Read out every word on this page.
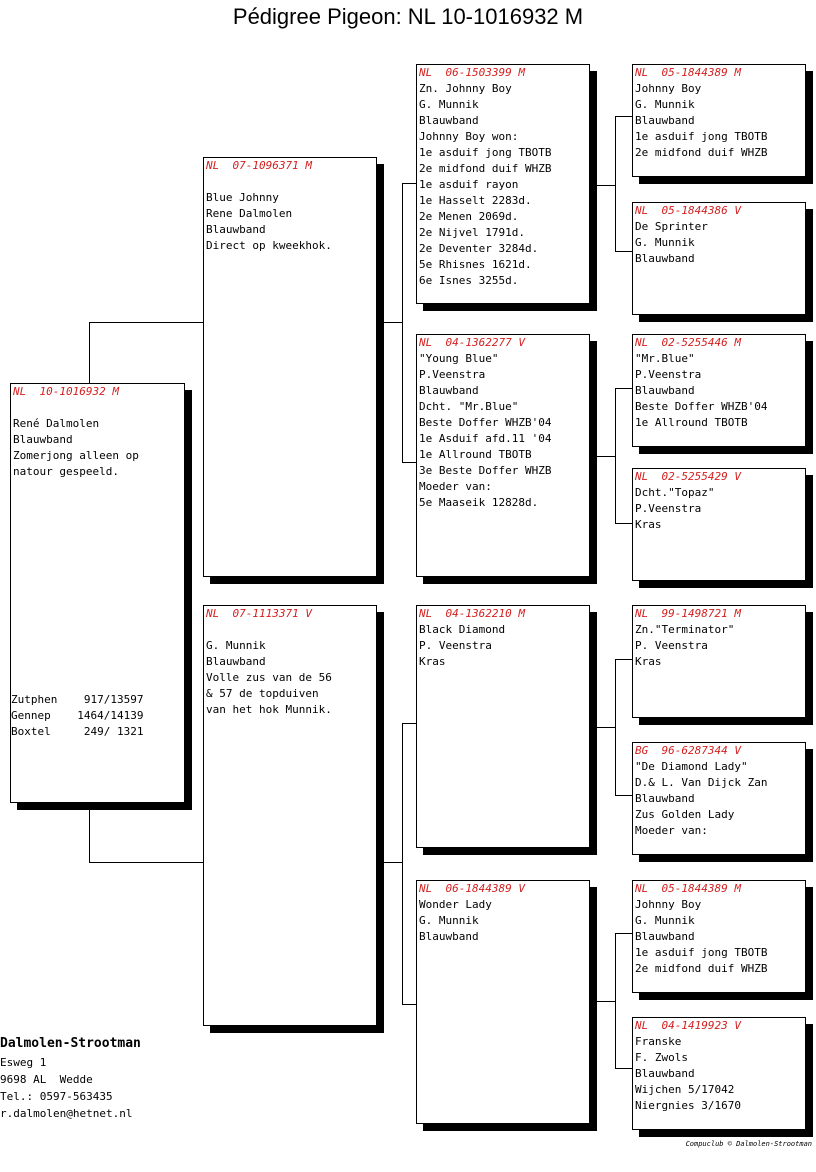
Pédigree Pigeon: NL 10-1016932 M
NL  10-1016932 M
René Dalmolen
Blauwband
Zomerjong alleen op
natour gespeeld.
Zutphen    917/13597
Gennep    1464/14139
Boxtel     249/ 1321
NL  07-1096371 M
Blue Johnny
Rene Dalmolen
Blauwband
Direct op kweekhok.
NL  07-1113371 V
G. Munnik
Blauwband
Volle zus van de 56
& 57 de topduiven
van het hok Munnik.
NL  06-1503399 M
Zn. Johnny Boy
G. Munnik
Blauwband
Johnny Boy won:
1e asduif jong TBOTB
2e midfond duif WHZB
1e asduif rayon
1e Hasselt 2283d.
2e Menen 2069d.
2e Nijvel 1791d.
2e Deventer 3284d.
5e Rhisnes 1621d.
6e Isnes 3255d.
NL  04-1362277 V
"Young Blue"
P.Veenstra
Blauwband
Dcht. "Mr.Blue"
Beste Doffer WHZB'04
1e Asduif afd.11 '04
1e Allround TBOTB
3e Beste Doffer WHZB
Moeder van:
5e Maaseik 12828d.
NL  04-1362210 M
Black Diamond
P. Veenstra
Kras
NL  06-1844389 V
Wonder Lady
G. Munnik
Blauwband
NL  05-1844389 M
Johnny Boy
G. Munnik
Blauwband
1e asduif jong TBOTB
2e midfond duif WHZB
NL  05-1844386 V
De Sprinter
G. Munnik
Blauwband
NL  02-5255446 M
"Mr.Blue"
P.Veenstra
Blauwband
Beste Doffer WHZB'04
1e Allround TBOTB
NL  02-5255429 V
Dcht."Topaz"
P.Veenstra
Kras
NL  99-1498721 M
Zn."Terminator"
P. Veenstra
Kras
BG  96-6287344 V
"De Diamond Lady"
D.& L. Van Dijck Zan
Blauwband
Zus Golden Lady
Moeder van:
NL  05-1844389 M
Johnny Boy
G. Munnik
Blauwband
1e asduif jong TBOTB
2e midfond duif WHZB
NL  04-1419923 V
Franske
F. Zwols
Blauwband
Wijchen 5/17042
Niergnies 3/1670
Dalmolen-Strootman
Esweg 1
9698 AL  Wedde
Tel.: 0597-563435
r.dalmolen@hetnet.nl
Compuclub © Dalmolen-Strootman
